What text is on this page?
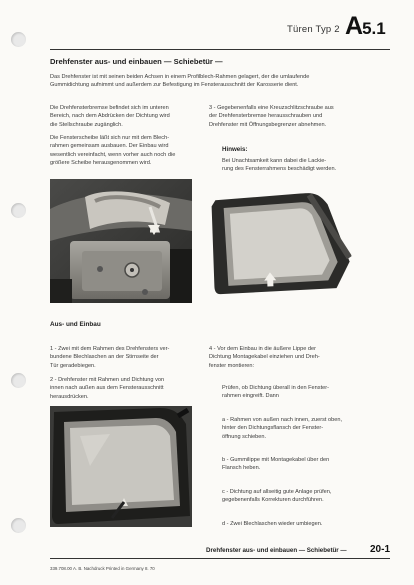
Türen Typ 2 A5.1
Drehfenster aus- und einbauen — Schiebetür —
Das Drehfenster ist mit seinen beiden Achsen in einem Profilblech-Rahmen gelagert, der die umlaufende
Gummidichtung aufnimmt und außerdem zur Befestigung im Fensterausschnitt der Karosserie dient.
Die Drehfensterbremse befindet sich im unteren
Bereich, nach dem Abdrücken der Dichtung wird
die Stellschraube zugänglich.
Die Fensterscheibe läßt sich nur mit dem Blech-
rahmen gemeinsam ausbauen. Der Einbau wird
wesentlich vereinfacht, wenn vorher auch noch die
größere Scheibe herausgenommen wird.
3 - Gegebenenfalls eine Kreuzschlitzschraube aus
der Drehfensterbremse herausschrauben und
Drehfenster mit Öffnungsbegrenzer abnehmen.
Hinweis:
Bei Unachtsamkeit kann dabei die Lackie-
rung des Fensterrahmens beschädigt werden.
Aus- und Einbau
1 - Zwei mit dem Rahmen des Drehfensters ver-
bundene Blechlaschen an der Stirnseite der
Tür geradebiegen.
2 - Drehfenster mit Rahmen und Dichtung von
innen nach außen aus dem Fensterausschnitt
herausdrücken.
4 - Vor dem Einbau in die äußere Lippe der
Dichtung Montagekabel einziehen und Dreh-
fenster montieren:
Prüfen, ob Dichtung überall in den Fenster-
rahmen eingreift. Dann
a - Rahmen von außen nach innen, zuerst oben,
hinter den Dichtungsflansch der Fenster-
öffnung schieben.
b - Gummilippe mit Montagekabel über den
Flansch heben.
c - Dichtung auf allseitig gute Anlage prüfen,
gegebenenfalls Korrekturen durchführen.
d - Zwei Blechlaschen wieder umbiegen.
Drehfenster aus- und einbauen — Schiebetür — 20-1
339.708.00 A. B. Nachdruck Printed in Germany 8. 70
